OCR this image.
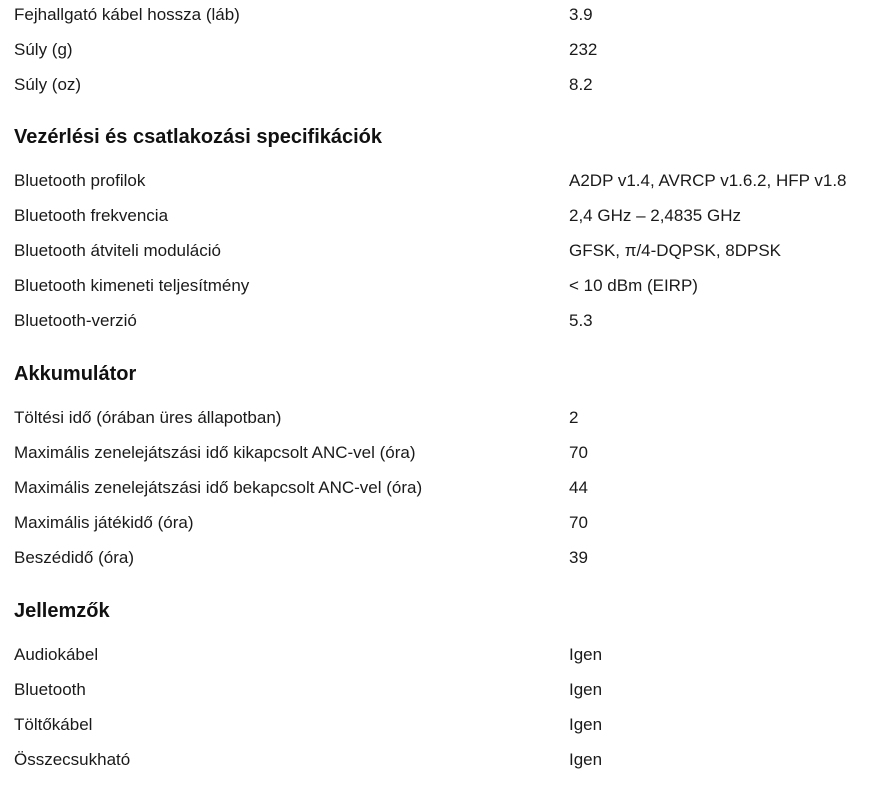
Fejhallgató kábel hossza (láb)	3.9
Súly (g)	232
Súly (oz)	8.2
Vezérlési és csatlakozási specifikációk
Bluetooth profilok	A2DP v1.4, AVRCP v1.6.2, HFP v1.8
Bluetooth frekvencia	2,4 GHz – 2,4835 GHz
Bluetooth átviteli moduláció	GFSK, π/4-DQPSK, 8DPSK
Bluetooth kimeneti teljesítmény	< 10 dBm (EIRP)
Bluetooth-verzió	5.3
Akkumulátor
Töltési idő (órában üres állapotban)	2
Maximális zenelejátszási idő kikapcsolt ANC-vel (óra)	70
Maximális zenelejátszási idő bekapcsolt ANC-vel (óra)	44
Maximális játékidő (óra)	70
Beszédidő (óra)	39
Jellemzők
Audiokábel	Igen
Bluetooth	Igen
Töltőkábel	Igen
Összecsukható	Igen
